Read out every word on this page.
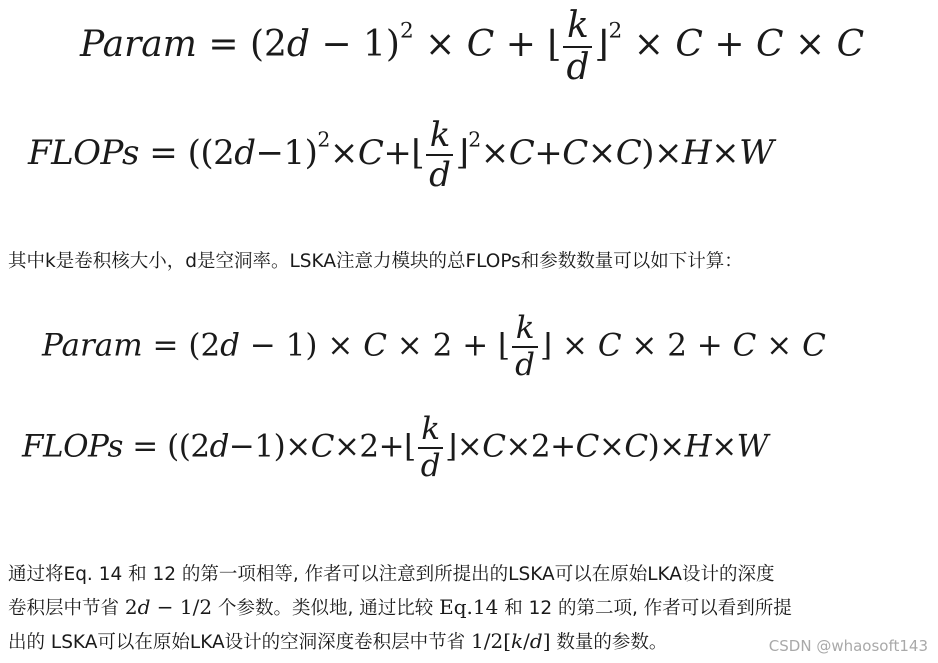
Param = $(2d - 1)^2 \times C$ + ⌊ $\frac{k}{d}$ ⌋$^2$ × C + C × C
FLOPs = ($(2d-1)^2\times C+⌊ \frac{k}{d}$ ⌋$^2$×C+C×C)×H×W
其中k是卷积核大小，d是空洞率。LSKA注意力模块的总FLOPs和参数数量可以如下计算：
Param = (2d − 1) × C × 2 + ⌊ $\frac{k}{d}$ ⌋ × C × 2 + C × C
FLOPs = ((2d−1)×C×2+⌊ $\frac{k}{d}$ ⌋×C×2+C×C)×H×W
通过将Eq. 14 和 12 的第一项相等, 作者可以注意到所提出的LSKA可以在原始LKA设计的深度
卷积层中节省 2d − 1/2 个参数。类似地, 通过比较 Eq.14 和 12 的第二项, 作者可以看到所提
出的 LSKA可以在原始LKA设计的空洞深度卷积层中节省 1/2[k/d] 数量的参数。	CSDN @whaosoft143
